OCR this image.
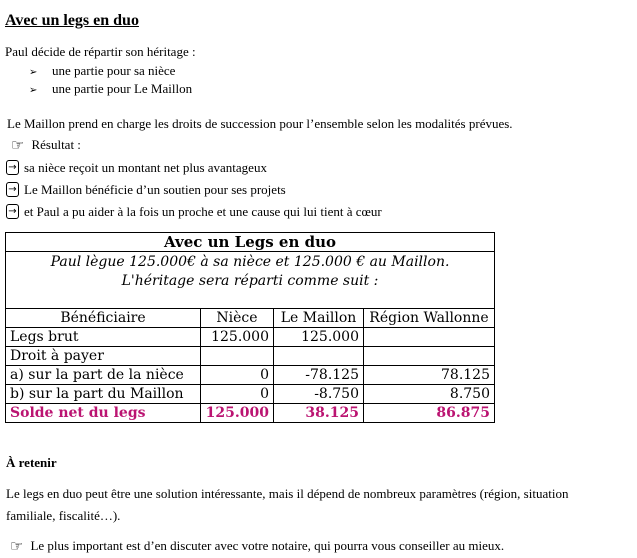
Avec un legs en duo

Paul décide de répartir son héritage :

➢	une partie pour sa nièce
➢	une partie pour Le Maillon

Le Maillon prend en charge les droits de succession pour l’ensemble selon les modalités prévues.

☞ Résultat :
→ sa nièce reçoit un montant net plus avantageux
→ Le Maillon bénéficie d’un soutien pour ses projets
→ et Paul a pu aider à la fois un proche et une cause qui lui tient à cœur
Avec un Legs en duo			

Paul lègue 125.000€ à sa nièce et 125.000 € au Maillon.
L'héritage sera réparti comme suit :			

Bénéficiaire	Nièce	Le Maillon	Région Wallonne
Legs brut	125.000	125.000	
Droit à payer			
a) sur la part de la nièce	0	-78.125	78.125
b) sur la part du Maillon	0	-8.750	8.750
Solde net du legs	125.000	38.125	86.875
À retenir

Le legs en duo peut être une solution intéressante, mais il dépend de nombreux paramètres (région, situation familiale, fiscalité…).

☞ Le plus important est d’en discuter avec votre notaire, qui pourra vous conseiller au mieux.
